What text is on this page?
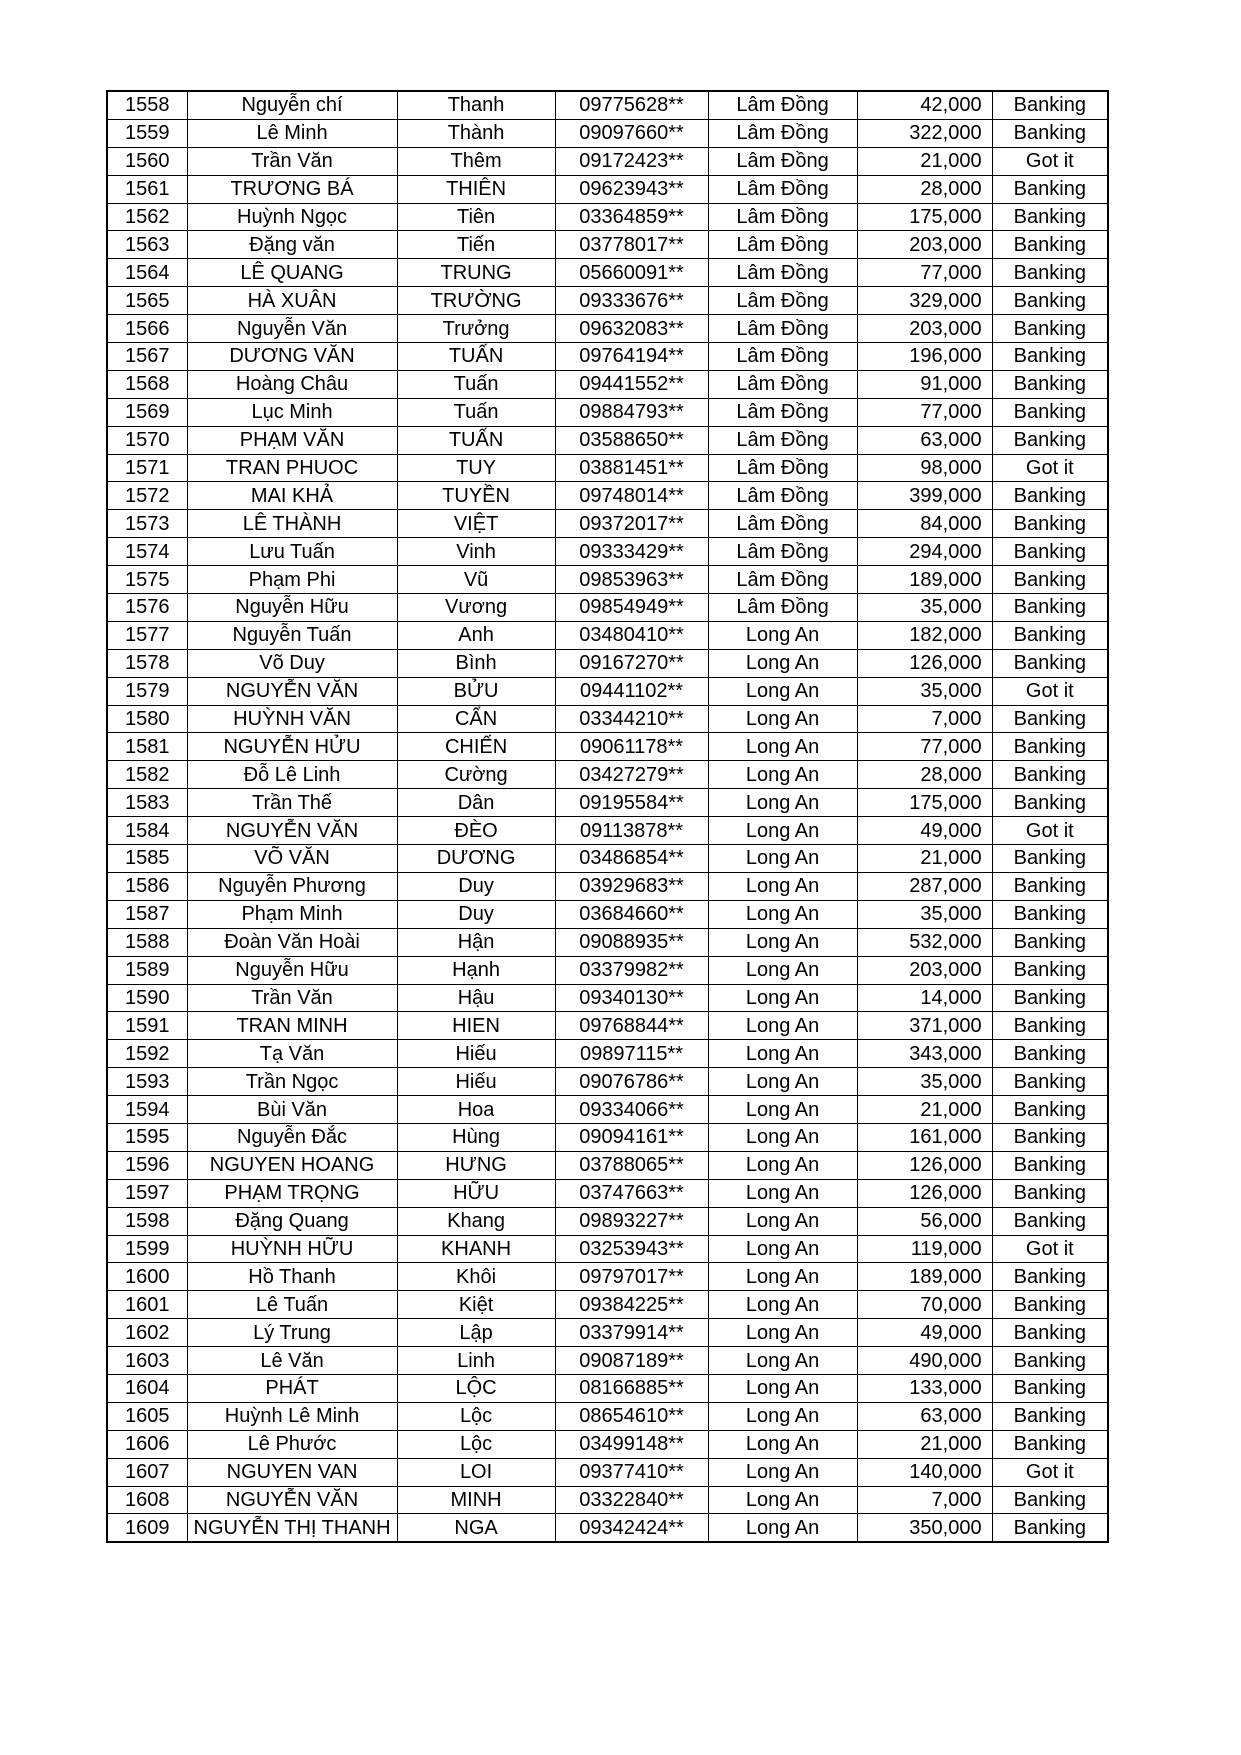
1558	Nguyễn chí	Thanh	09775628**	Lâm Đồng	42,000	Banking
1559	Lê Minh	Thành	09097660**	Lâm Đồng	322,000	Banking
1560	Trần Văn	Thêm	09172423**	Lâm Đồng	21,000	Got it
1561	TRƯƠNG BÁ	THIÊN	09623943**	Lâm Đồng	28,000	Banking
1562	Huỳnh Ngọc	Tiên	03364859**	Lâm Đồng	175,000	Banking
1563	Đặng văn	Tiến	03778017**	Lâm Đồng	203,000	Banking
1564	LÊ QUANG	TRUNG	05660091**	Lâm Đồng	77,000	Banking
1565	HÀ XUÂN	TRƯỜNG	09333676**	Lâm Đồng	329,000	Banking
1566	Nguyễn Văn	Trưởng	09632083**	Lâm Đồng	203,000	Banking
1567	DƯƠNG VĂN	TUẤN	09764194**	Lâm Đồng	196,000	Banking
1568	Hoàng Châu	Tuấn	09441552**	Lâm Đồng	91,000	Banking
1569	Lục Minh	Tuấn	09884793**	Lâm Đồng	77,000	Banking
1570	PHẠM VĂN	TUẤN	03588650**	Lâm Đồng	63,000	Banking
1571	TRAN PHUOC	TUY	03881451**	Lâm Đồng	98,000	Got it
1572	MAI KHẢ	TUYỀN	09748014**	Lâm Đồng	399,000	Banking
1573	LÊ THÀNH	VIỆT	09372017**	Lâm Đồng	84,000	Banking
1574	Lưu Tuấn	Vinh	09333429**	Lâm Đồng	294,000	Banking
1575	Phạm Phi	Vũ	09853963**	Lâm Đồng	189,000	Banking
1576	Nguyễn Hữu	Vương	09854949**	Lâm Đồng	35,000	Banking
1577	Nguyễn Tuấn	Anh	03480410**	Long An	182,000	Banking
1578	Võ Duy	Bình	09167270**	Long An	126,000	Banking
1579	NGUYỄN VĂN	BỬU	09441102**	Long An	35,000	Got it
1580	HUỲNH VĂN	CẨN	03344210**	Long An	7,000	Banking
1581	NGUYỄN HỬU	CHIẾN	09061178**	Long An	77,000	Banking
1582	Đỗ Lê Linh	Cường	03427279**	Long An	28,000	Banking
1583	Trần Thế	Dân	09195584**	Long An	175,000	Banking
1584	NGUYỄN VĂN	ĐÈO	09113878**	Long An	49,000	Got it
1585	VÕ VĂN	DƯƠNG	03486854**	Long An	21,000	Banking
1586	Nguyễn Phương	Duy	03929683**	Long An	287,000	Banking
1587	Phạm Minh	Duy	03684660**	Long An	35,000	Banking
1588	Đoàn Văn Hoài	Hận	09088935**	Long An	532,000	Banking
1589	Nguyễn Hữu	Hạnh	03379982**	Long An	203,000	Banking
1590	Trần Văn	Hậu	09340130**	Long An	14,000	Banking
1591	TRAN MINH	HIEN	09768844**	Long An	371,000	Banking
1592	Tạ Văn	Hiếu	09897115**	Long An	343,000	Banking
1593	Trần Ngọc	Hiếu	09076786**	Long An	35,000	Banking
1594	Bùi Văn	Hoa	09334066**	Long An	21,000	Banking
1595	Nguyễn Đắc	Hùng	09094161**	Long An	161,000	Banking
1596	NGUYEN HOANG	HƯNG	03788065**	Long An	126,000	Banking
1597	PHẠM TRỌNG	HỮU	03747663**	Long An	126,000	Banking
1598	Đặng Quang	Khang	09893227**	Long An	56,000	Banking
1599	HUỲNH HỮU	KHANH	03253943**	Long An	119,000	Got it
1600	Hồ Thanh	Khôi	09797017**	Long An	189,000	Banking
1601	Lê Tuấn	Kiệt	09384225**	Long An	70,000	Banking
1602	Lý Trung	Lập	03379914**	Long An	49,000	Banking
1603	Lê Văn	Linh	09087189**	Long An	490,000	Banking
1604	PHÁT	LỘC	08166885**	Long An	133,000	Banking
1605	Huỳnh Lê Minh	Lộc	08654610**	Long An	63,000	Banking
1606	Lê Phước	Lộc	03499148**	Long An	21,000	Banking
1607	NGUYEN VAN	LOI	09377410**	Long An	140,000	Got it
1608	NGUYỄN VĂN	MINH	03322840**	Long An	7,000	Banking
1609	NGUYỄN THỊ THANH	NGA	09342424**	Long An	350,000	Banking
